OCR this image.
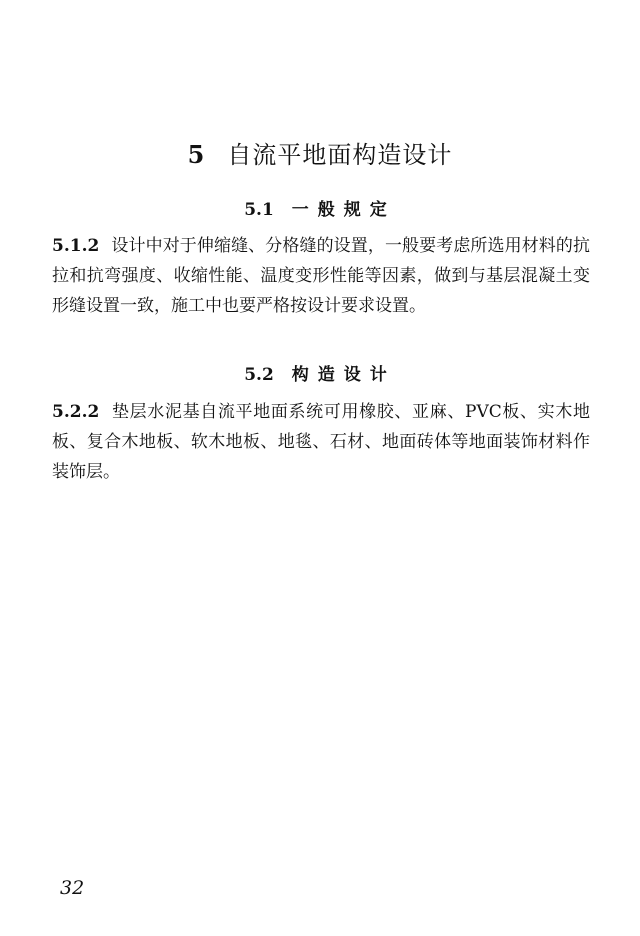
5 自流平地面构造设计
5.1 一般规定
5.1.2 设计中对于伸缩缝、分格缝的设置，一般要考虑所选用材料的抗拉和抗弯强度、收缩性能、温度变形性能等因素，做到与基层混凝土变形缝设置一致，施工中也要严格按设计要求设置。
5.2 构造设计
5.2.2 垫层水泥基自流平地面系统可用橡胶、亚麻、PVC板、实木地板、复合木地板、软木地板、地毯、石材、地面砖体等地面装饰材料作装饰层。
32
